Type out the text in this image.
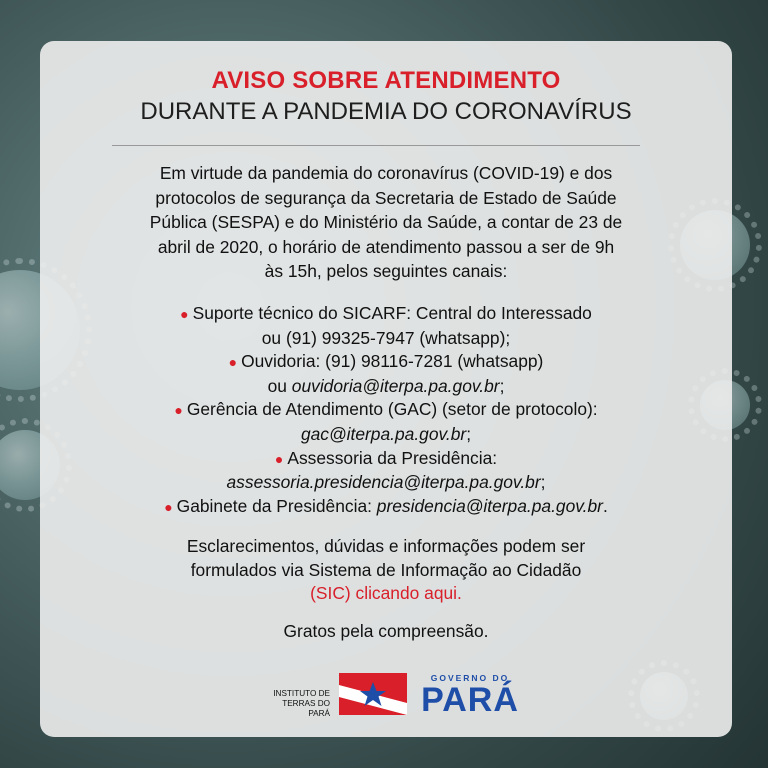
AVISO SOBRE ATENDIMENTO
DURANTE A PANDEMIA DO CORONAVÍRUS
Em virtude da pandemia do coronavírus (COVID-19) e dos
protocolos de segurança da Secretaria de Estado de Saúde
Pública (SESPA) e do Ministério da Saúde, a contar de 23 de
abril de 2020, o horário de atendimento passou a ser de 9h
às 15h, pelos seguintes canais:
● Suporte técnico do SICARF: Central do Interessado
ou (91) 99325-7947 (whatsapp);
● Ouvidoria: (91) 98116-7281 (whatsapp)
ou ouvidoria@iterpa.pa.gov.br;
● Gerência de Atendimento (GAC) (setor de protocolo):
gac@iterpa.pa.gov.br;
● Assessoria da Presidência:
assessoria.presidencia@iterpa.pa.gov.br;
● Gabinete da Presidência: presidencia@iterpa.pa.gov.br.
Esclarecimentos, dúvidas e informações podem ser
formulados via Sistema de Informação ao Cidadão
(SIC) clicando aqui.
Gratos pela compreensão.
INSTITUTO DE
TERRAS DO PARÁ
GOVERNO DO
PARÁ
